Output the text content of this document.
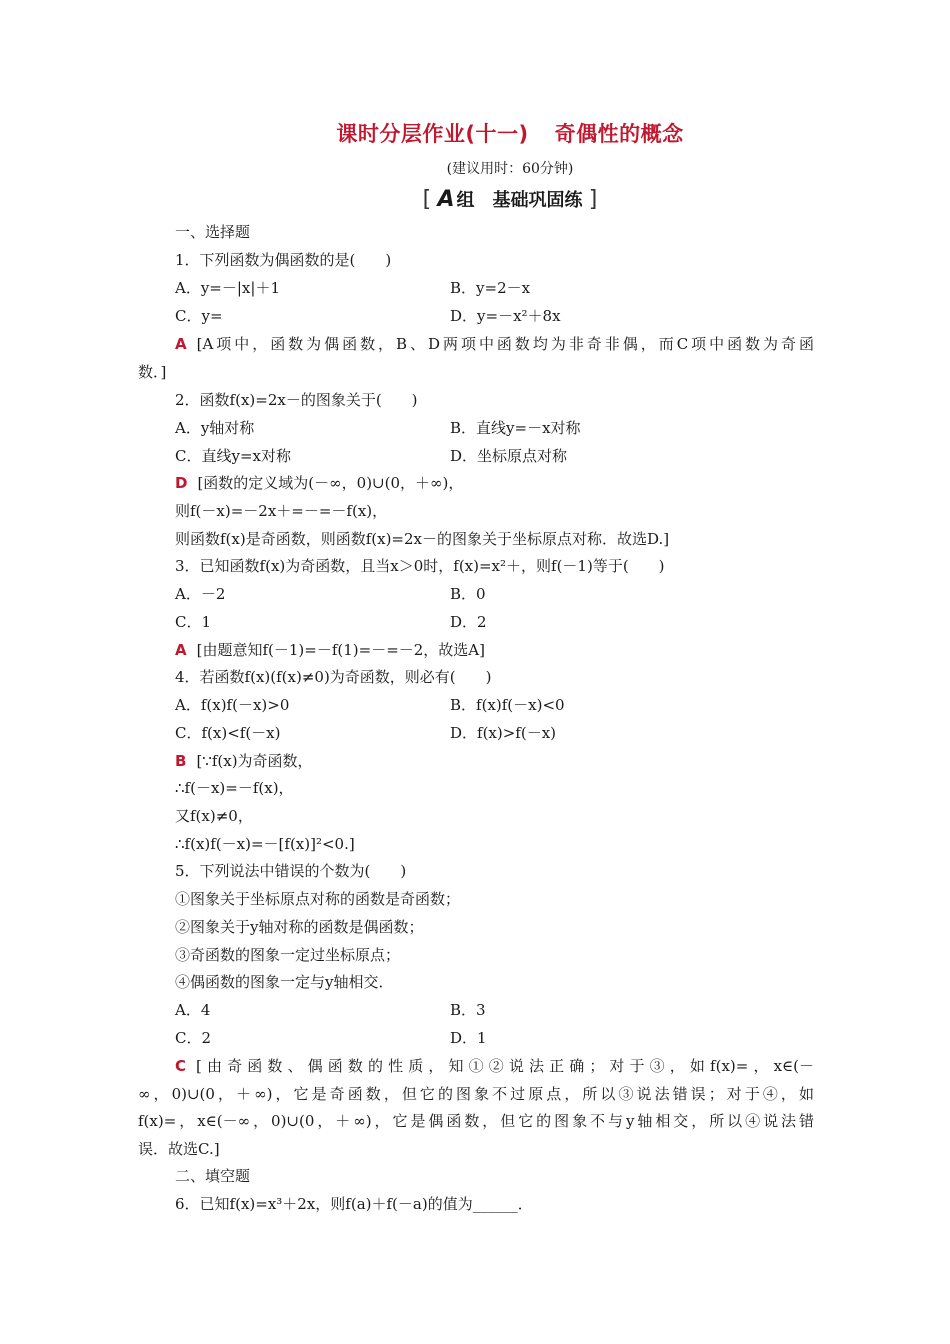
课时分层作业(十一) 奇偶性的概念
(建议用时：60分钟)
[ A 组　基础巩固练 ]
一、选择题
1．下列函数为偶函数的是(　　)
A．y=－|x|＋1	B．y=2－x
C．y=	D．y=－x²＋8x
A [A项中，函数为偶函数，B、D两项中函数均为非奇非偶，而C项中函数为奇函
数．]
2．函数f(x)=2x－的图象关于(　　)
A．y轴对称	B．直线y=－x对称
C．直线y=x对称	D．坐标原点对称
D [函数的定义域为(－∞，0)∪(0，＋∞)，
则f(－x)=－2x＋=－=－f(x)，
则函数f(x)是奇函数，则函数f(x)=2x－的图象关于坐标原点对称．故选D.]
3．已知函数f(x)为奇函数，且当x＞0时，f(x)=x²＋，则f(－1)等于(　　)
A．－2	B．0
C．1	D．2
A [由题意知f(－1)=－f(1)=－=－2，故选A]
4．若函数f(x)(f(x)≠0)为奇函数，则必有(　　)
A．f(x)f(－x)>0	B．f(x)f(－x)<0
C．f(x)<f(－x)	D．f(x)>f(－x)
B [∵f(x)为奇函数，
∴f(－x)=－f(x)，
又f(x)≠0，
∴f(x)f(－x)=－[f(x)]²<0.]
5．下列说法中错误的个数为(　　)
①图象关于坐标原点对称的函数是奇函数；
②图象关于y轴对称的函数是偶函数；
③奇函数的图象一定过坐标原点；
④偶函数的图象一定与y轴相交．
A．4	B．3
C．2	D．1
C [由奇函数、偶函数的性质，知①②说法正确；对于③，如f(x)=，x∈(－
∞，0)∪(0，＋∞)，它是奇函数，但它的图象不过原点，所以③说法错误；对于④，如
f(x)=，x∈(－∞，0)∪(0，＋∞)，它是偶函数，但它的图象不与y轴相交，所以④说法错
误．故选C.]
二、填空题
6．已知f(x)=x³＋2x，则f(a)＋f(－a)的值为______．
